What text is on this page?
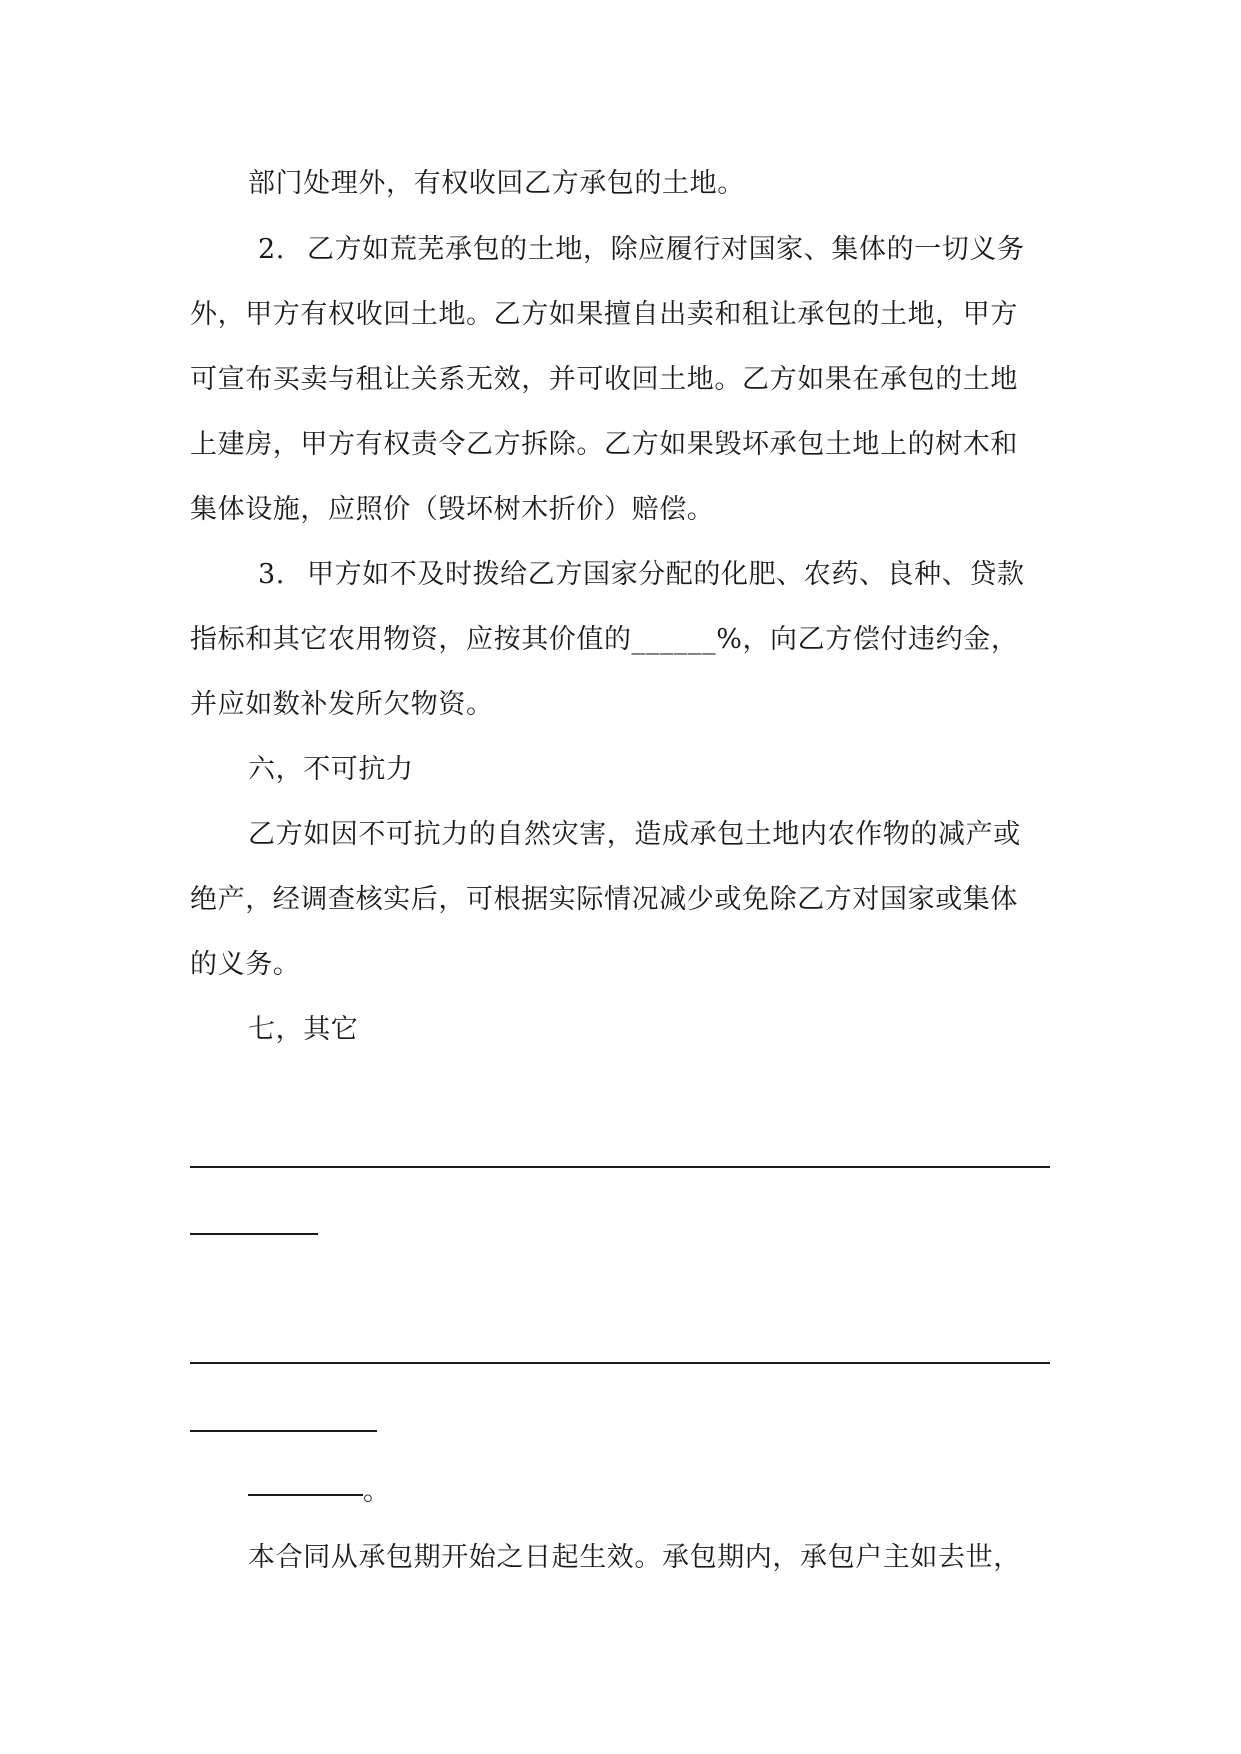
部门处理外，有权收回乙方承包的土地。
2. 乙方如荒芜承包的土地，除应履行对国家、集体的一切义务
外，甲方有权收回土地。乙方如果擅自出卖和租让承包的土地，甲方
可宣布买卖与租让关系无效，并可收回土地。乙方如果在承包的土地
上建房，甲方有权责令乙方拆除。乙方如果毁坏承包土地上的树木和
集体设施，应照价（毁坏树木折价）赔偿。
3. 甲方如不及时拨给乙方国家分配的化肥、农药、良种、贷款
指标和其它农用物资，应按其价值的______%，向乙方偿付违约金，
并应如数补发所欠物资。
六，不可抗力
乙方如因不可抗力的自然灾害，造成承包土地内农作物的减产或
绝产，经调查核实后，可根据实际情况减少或免除乙方对国家或集体
的义务。
七，其它
。
本合同从承包期开始之日起生效。承包期内，承包户主如去世，
